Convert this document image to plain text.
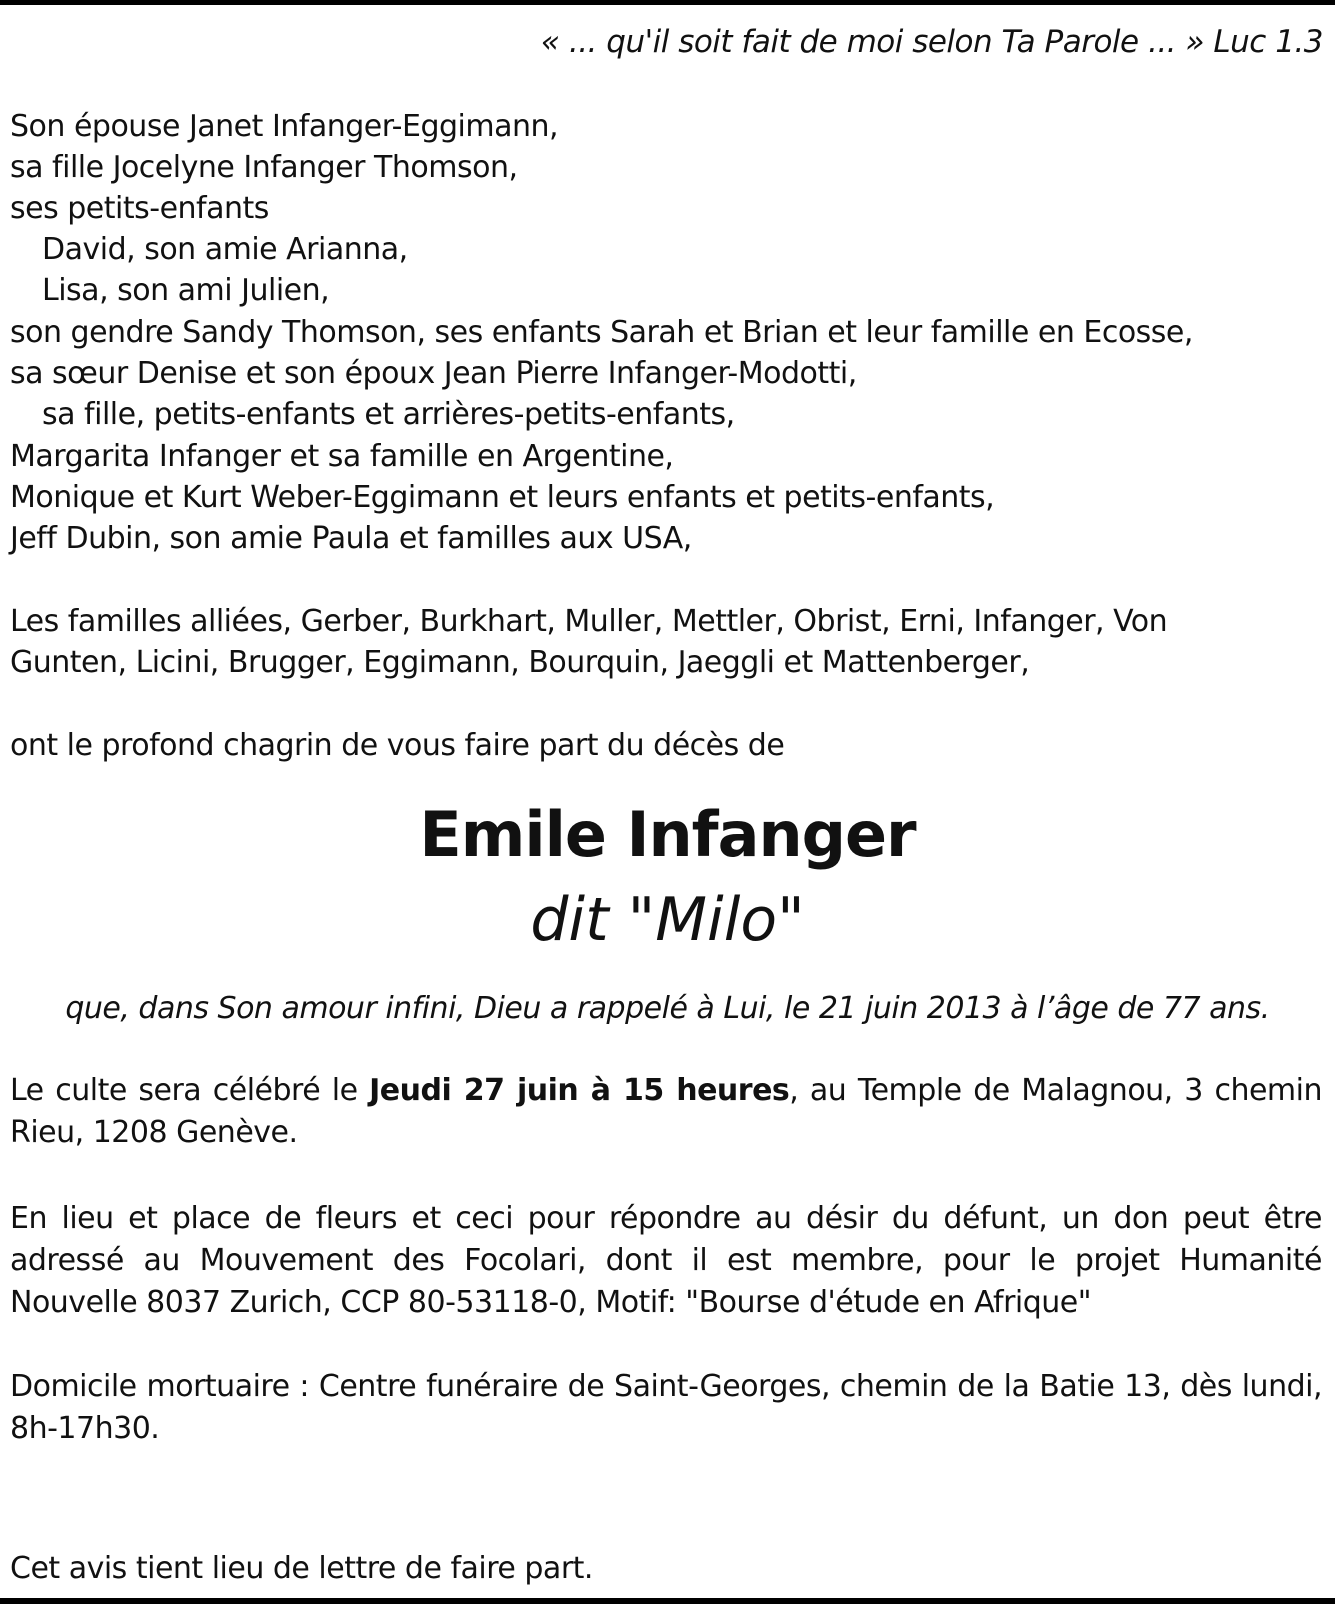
« ... qu'il soit fait de moi selon Ta Parole ... » Luc 1.3
Son épouse Janet Infanger-Eggimann,
sa fille Jocelyne Infanger Thomson,
ses petits-enfants
David, son amie Arianna,
Lisa, son ami Julien,
son gendre Sandy Thomson, ses enfants Sarah et Brian et leur famille en Ecosse,
sa sœur Denise et son époux Jean Pierre Infanger-Modotti,
sa fille, petits-enfants et arrières-petits-enfants,
Margarita Infanger et sa famille en Argentine,
Monique et Kurt Weber-Eggimann et leurs enfants et petits-enfants,
Jeff Dubin, son amie Paula et familles aux USA,
Les familles alliées, Gerber, Burkhart, Muller, Mettler, Obrist, Erni, Infanger, Von
Gunten, Licini, Brugger, Eggimann, Bourquin, Jaeggli et Mattenberger,
ont le profond chagrin de vous faire part du décès de
Emile Infanger
dit "Milo"
que, dans Son amour infini, Dieu a rappelé à Lui, le 21 juin 2013 à l’âge de 77 ans.
Le culte sera célébré le Jeudi 27 juin à 15 heures, au Temple de Malagnou, 3 chemin Rieu, 1208 Genève.
En lieu et place de fleurs et ceci pour répondre au désir du défunt, un don peut être adressé au Mouvement des Focolari, dont il est membre, pour le projet Humanité Nouvelle 8037 Zurich, CCP 80-53118-0, Motif: "Bourse d'étude en Afrique"
Domicile mortuaire : Centre funéraire de Saint-Georges, chemin de la Batie 13, dès lundi, 8h-17h30.
Cet avis tient lieu de lettre de faire part.
